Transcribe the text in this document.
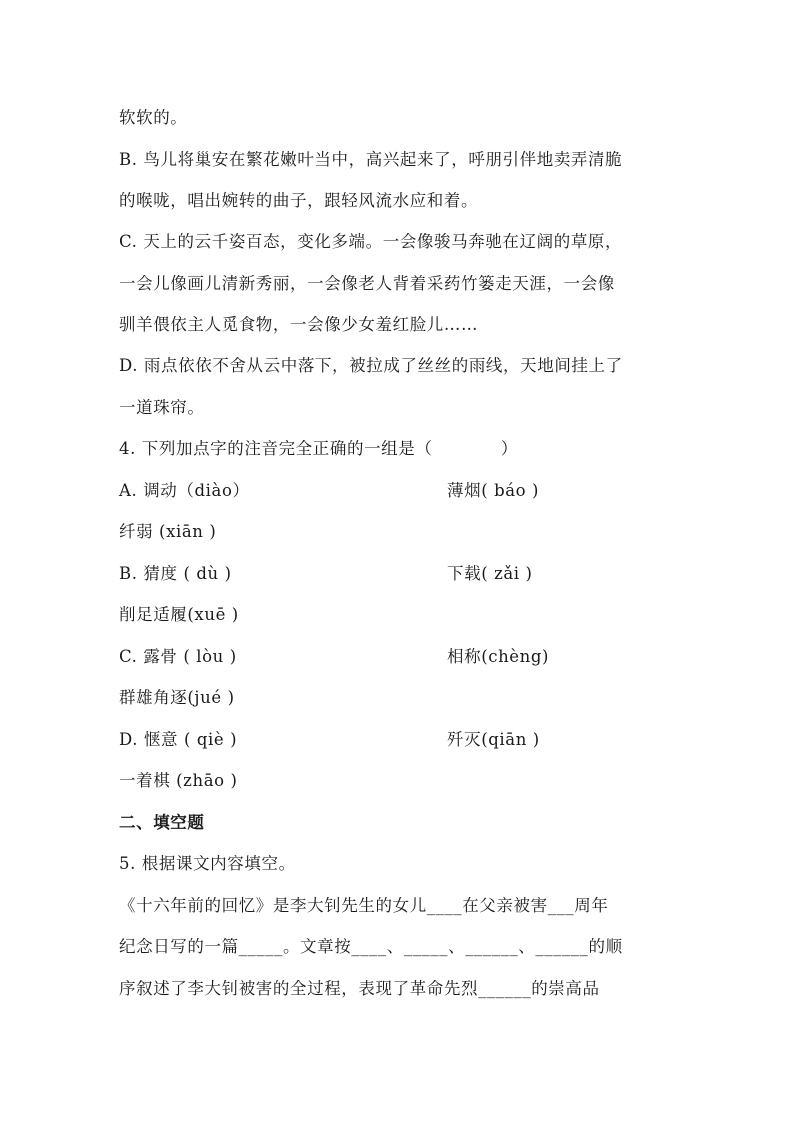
软软的。
B. 鸟儿将巢安在繁花嫩叶当中，高兴起来了，呼朋引伴地卖弄清脆
的喉咙，唱出婉转的曲子，跟轻风流水应和着。
C. 天上的云千姿百态，变化多端。一会像骏马奔驰在辽阔的草原，
一会儿像画儿清新秀丽，一会像老人背着采药竹篓走天涯，一会像
驯羊偎依主人觅食物，一会像少女羞红脸儿……
D. 雨点依依不舍从云中落下，被拉成了丝丝的雨线，天地间挂上了
一道珠帘。
4. 下列加点字的注音完全正确的一组是（　　　　）
A. 调动（diào）	薄烟( báo )
纤弱 (xiān )
B. 猜度 ( dù )	下载( zǎi )
削足适履(xuē )
C. 露骨 ( lòu )	相称(chèng)
群雄角逐(jué )
D. 惬意 ( qiè )	歼灭(qiān )
一着棋 (zhāo )
二、填空题
5. 根据课文内容填空。
《十六年前的回忆》是李大钊先生的女儿____在父亲被害___周年
纪念日写的一篇_____。文章按____、_____、______、______的顺
序叙述了李大钊被害的全过程，表现了革命先烈______的崇高品
